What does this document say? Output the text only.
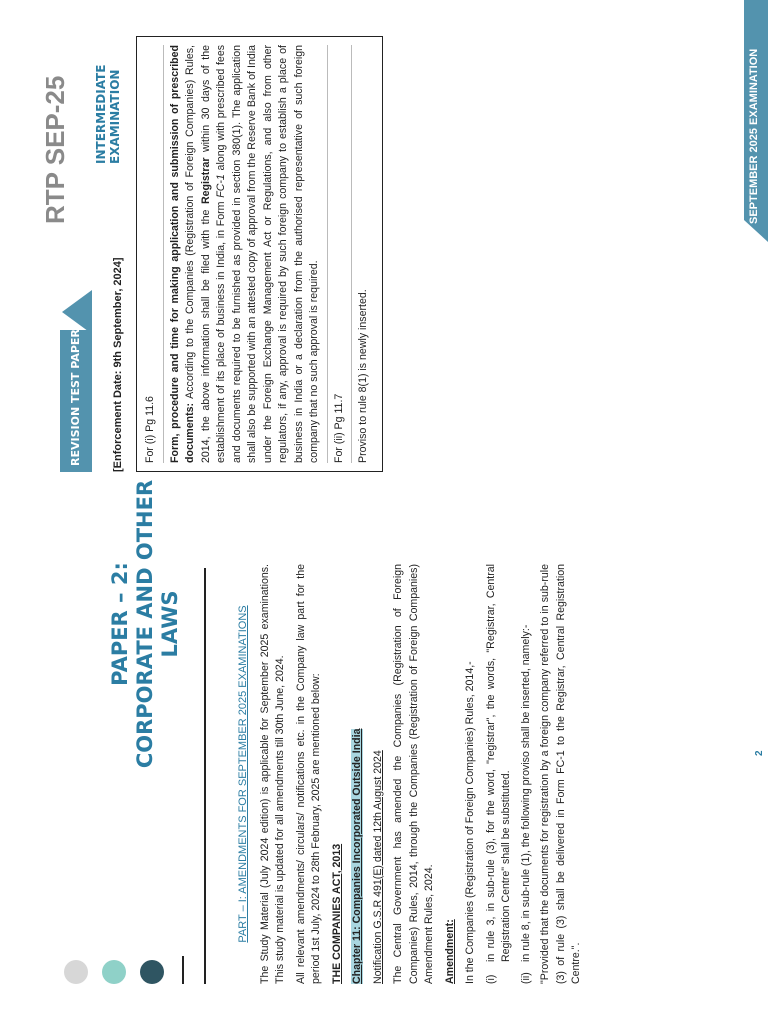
PAPER – 2: CORPORATE AND OTHER LAWS	PART – I: AMENDMENTS FOR SEPTEMBER 2025 EXAMINATIONS The Study Material (July 2024 edition) is applicable for September 2025 examinations. This study material is updated for all amendments till 30th June, 2024. All relevant amendments/ circulars/ notifications etc. in the Company law part for the period 1st July, 2024 to 28th February, 2025 are mentioned below: THE COMPANIES ACT, 2013 Chapter 11: Companies Incorporated Outside India Notification G.S.R 491(E) dated 12th August 2024 The Central Government has amended the Companies (Registration of Foreign Companies) Rules, 2014, through the Companies (Registration of Foreign Companies) Amendment Rules, 2024. Amendment: In the Companies (Registration of Foreign Companies) Rules, 2014,- (i)
in rule 3, in sub-rule (3), for the word, "registrar", the words, "Registrar, Central Registration Centre" shall be substituted.
(ii)
in rule 8, in sub-rule (1), the following proviso shall be inserted, namely:- "Provided that the documents for registration by a foreign company referred to in sub-rule (3) of rule (3) shall be delivered in Form FC-1 to the Registrar, Central Registration Centre.".

REVISION TEST PAPER
RTP SEP-25 INTERMEDIATE EXAMINATION
[Enforcement Date: 9th September, 2024] For (i) Pg 11.6 Form, procedure and time for making application and submission of prescribed documents: According to the Companies (Registration of Foreign Companies) Rules, 2014, the above information shall be filed with the Registrar within 30 days of the establishment of its place of business in India, in Form FC-1 along with prescribed fees and documents required to be furnished as provided in section 380(1). The application shall also be supported with an attested copy of approval from the Reserve Bank of India under the Foreign Exchange Management Act or Regulations, and also from other regulators, if any, approval is required by such foreign company to establish a place of business in India or a declaration from the authorised representative of such foreign company that no such approval is required. For (ii) Pg 11.7 Proviso to rule 8(1) is newly inserted.

SEPTEMBER 2025 EXAMINATION
2
